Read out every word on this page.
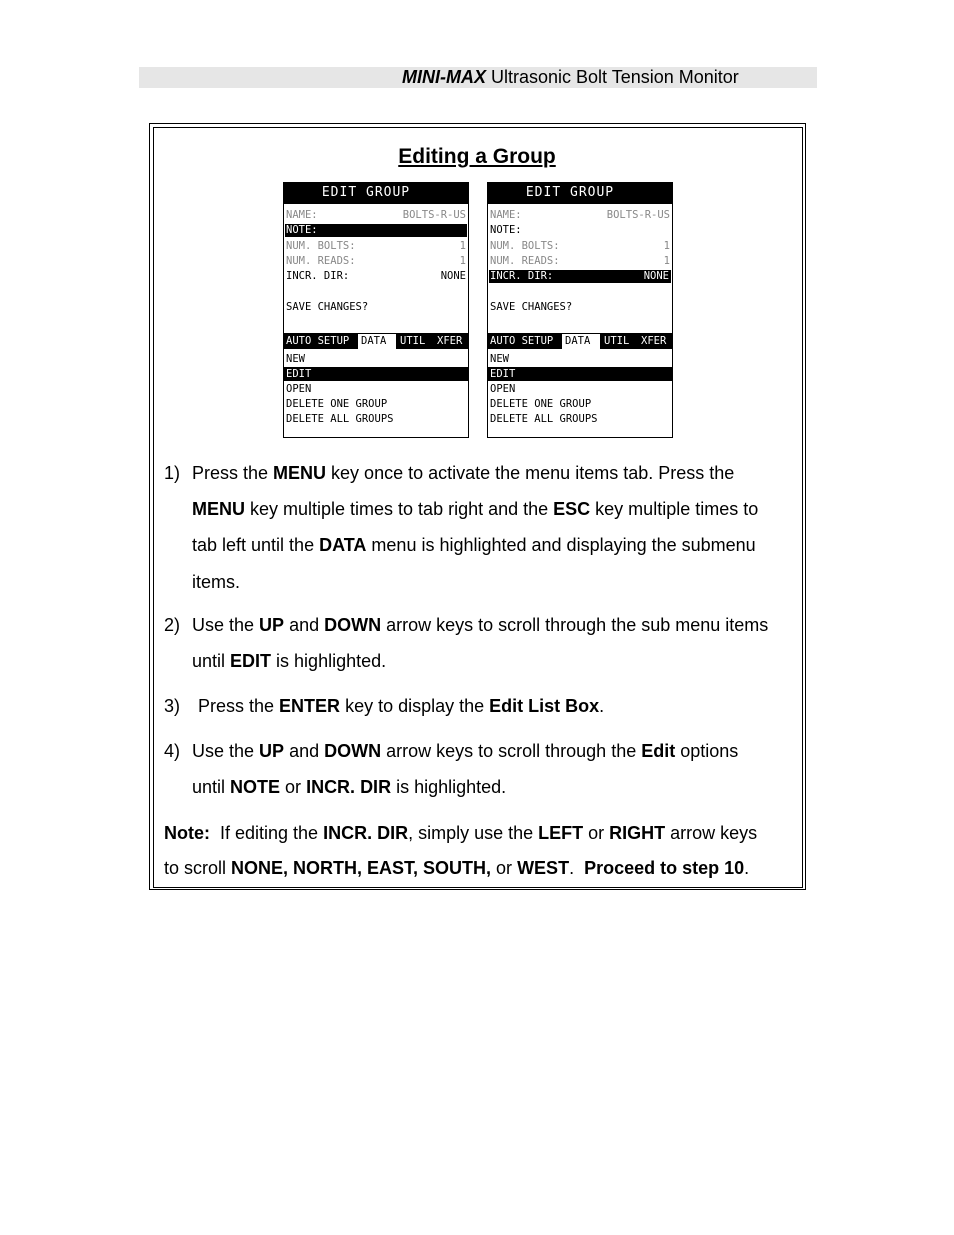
MINI-MAX Ultrasonic Bolt Tension Monitor
Editing a Group
EDIT GROUP
NAME:	BOLTS-R-US
NOTE:
NUM. BOLTS:	1
NUM. READS:	1
INCR. DIR:	NONE
SAVE CHANGES?
AUTO SETUP DATA	UTIL XFER
NEW
EDIT
OPEN
DELETE ONE GROUP
DELETE ALL GROUPS
EDIT GROUP
NAME:	BOLTS-R-US
NOTE:
NUM. BOLTS:	1
NUM. READS:	1
INCR. DIR:	NONE
SAVE CHANGES?
AUTO SETUP DATA	UTIL XFER
NEW
EDIT
OPEN
DELETE ONE GROUP
DELETE ALL GROUPS
1) Press the MENU key once to activate the menu items tab. Press the
MENU key multiple times to tab right and the ESC key multiple times to
tab left until the DATA menu is highlighted and displaying the submenu
items.
2) Use the UP and DOWN arrow keys to scroll through the sub menu items
until EDIT is highlighted.
3) Press the ENTER key to display the Edit List Box.
4) Use the UP and DOWN arrow keys to scroll through the Edit options
until NOTE or INCR. DIR is highlighted.
Note:  If editing the INCR. DIR, simply use the LEFT or RIGHT arrow keys
to scroll NONE, NORTH, EAST, SOUTH, or WEST.  Proceed to step 10.
